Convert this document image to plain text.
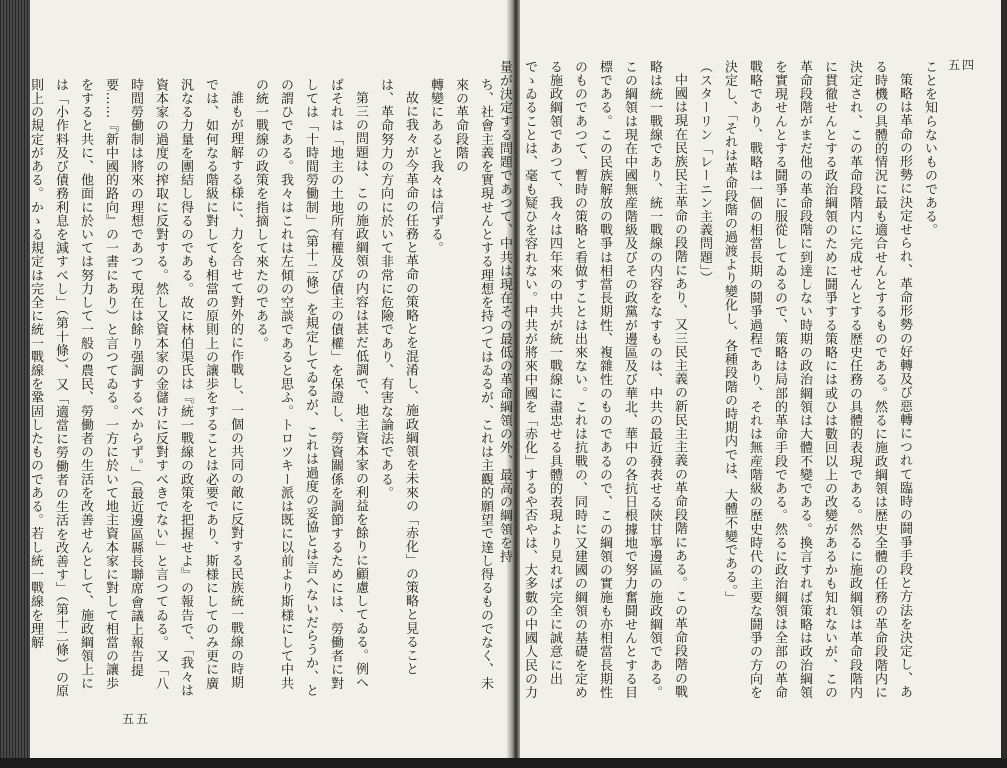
ち、社會主義を實現せんとする理想を持つてはゐるが、これは主觀的願望で達し得るものでなく、未來の革命段階の

轉變にあると我々は信ずる。

故に我々が今革命の任務と革命の策略とを混淆し、施政綱領を未來の「赤化」の策略と見ることは、革命努力の方向に於いて非常に危險であり、有害な論法である。

第三の問題は、この施政綱領の内容は甚だ低調で、地主資本家の利益を餘りに顧慮してゐる。例へばそれは「地主の土地所有權及び債主の債權」を保證し、勞資關係を調節するためには、勞働者に對しては「十時間勞働制」（第十二條）を規定してゐるが、これは過度の妥協とは言へないだらうか、との謂ひである。我々はこれは左傾の空談であると思ふ。トロツキー派は既に以前より斯様にして中共の統一戰線の政策を指摘して來たのである。

誰もが理解する様に、力を合せて對外的に作戰し、一個の共同の敵に反對する民族統一戰線の時期では、如何なる階級に對しても相當の原則上の讓歩をすることは必要であり、斯様にしてのみ更に廣汎なる力量を團結し得るのである。故に林伯渠氏は『統一戰線の政策を把握せよ』の報告で、「我々は資本家の過度の搾取に反對する。然し又資本家の金儲けに反對すべきでない」と言つてゐる。又「八時間勞働制は將來の理想であつて現在は餘り强調するべからず。」（最近邊區縣長聯席會議上報告提要……『新中國的路向』の一書にあり）と言つてゐる。一方に於いて地主資本家に對して相當の讓歩をすると共に、他面に於いては努力して一般の農民、勞働者の生活を改善せんとして、施政綱領上には「小作料及び債務利息を減すべし」（第十條）、又「適當に勞働者の生活を改善す」（第十二條）の原則上の規定がある。かゝる規定は完全に統一戰線を鞏固したものである。若し統一戰線を理解

五五

ことを知らないものである。

策略は革命の形勢に決定せられ、革命形勢の好轉及び惡轉につれて臨時の鬪爭手段と方法を決定し、ある時機の具體的情況に最も適合せんとするものである。然るに施政綱領は歴史全體の任務の革命段階内に決定され、この革命段階内に完成せんとする歴史任務の具體的表現である。然るに施政綱領は革命段階内に貫徹せんとする政治綱領のために鬪爭する策略には或ひは數回以上の改變があるかも知れないが、この革命段階がまだ他の革命段階に到達しない時期の政治綱領は大體不變である。換言すれば策略は政治綱領を實現せんとする鬪爭に服從してゐるので、策略は局部的革命手段である。然るに政治綱領は全部の革命戰略であり、戰略は一個の相當長期の鬪爭過程であり、それは無産階級の歴史時代の主要な鬪爭の方向を決定し、「それは革命段階の過渡より變化し、各種段階の時期内では、大體不變である。」

（スターリン「レーニン主義問題」）

中國は現在民族民主革命の段階にあり、又三民主義の新民主主義の革命段階にある。この革命段階の戰略は統一戰線であり、統一戰線の内容をなすものは、中共の最近發表せる陝甘寧邊區の施政綱領である。この綱領は現在中國無産階級及びその政黨が邊區及び華北、華中の各抗日根據地で努力奮鬪せんとする目標である。この民族解放の戰爭は相當長期性、複雜性のものであるので、この綱領の實施も亦相當長期性のものであつて、暫時の策略と看做すことは出來ない。これは抗戰の、同時に又建國の綱領の基礎を定める施政綱領であつて、我々は四年來の中共が統一戰線に盡忠せる具體的表現より見れば完全に誠意に出でゝゐることは、毫も疑ひを容れない。中共が將來中國を「赤化」するや否やは、大多數の中國人民の力量が決定する問題であつて、中共は現在その最低の革命綱領の外、最高の綱領を持	五四
